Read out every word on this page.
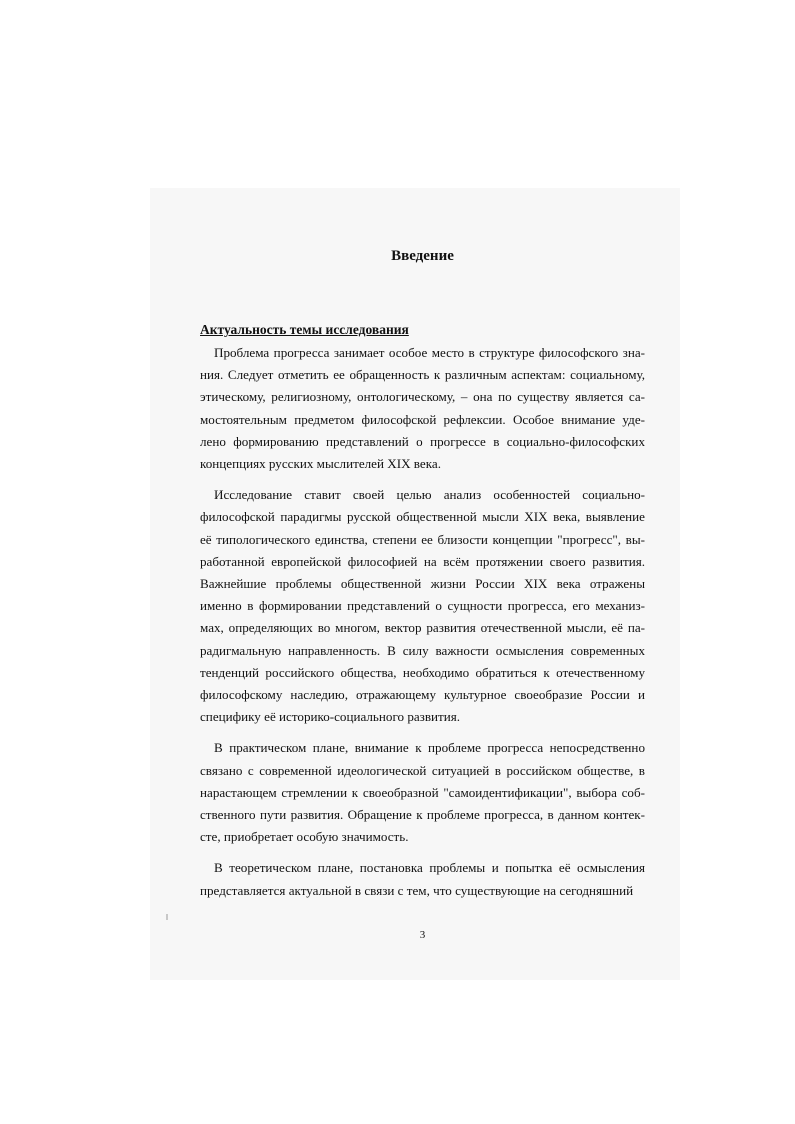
Введение
Актуальность темы исследования

Проблема прогресса занимает особое место в структуре философского зна-
ния. Следует отметить ее обращенность к различным аспектам: социальному,
этическому, религиозному, онтологическому, – она по существу является са-
мостоятельным предметом философской рефлексии. Особое внимание уде-
лено формированию представлений о прогрессе в социально-философских
концепциях русских мыслителей XIX века.

Исследование ставит своей целью анализ особенностей социально-
философской парадигмы русской общественной мысли XIX века, выявление
её типологического единства, степени ее близости концепции "прогресс", вы-
работанной европейской философией на всём протяжении своего развития.
Важнейшие проблемы общественной жизни России XIX века отражены
именно в формировании представлений о сущности прогресса, его механиз-
мах, определяющих во многом, вектор развития отечественной мысли, её па-
радигмальную направленность. В силу важности осмысления современных
тенденций российского общества, необходимо обратиться к отечественному
философскому наследию, отражающему культурное своеобразие России и
специфику её историко-социального развития.

В практическом плане, внимание к проблеме прогресса непосредственно
связано с современной идеологической ситуацией в российском обществе, в
нарастающем стремлении к своеобразной "самоидентификации", выбора соб-
ственного пути развития. Обращение к проблеме прогресса, в данном контек-
сте, приобретает особую значимость.

В теоретическом плане, постановка проблемы и попытка её осмысления
представляется актуальной в связи с тем, что существующие на сегодняшний

3
